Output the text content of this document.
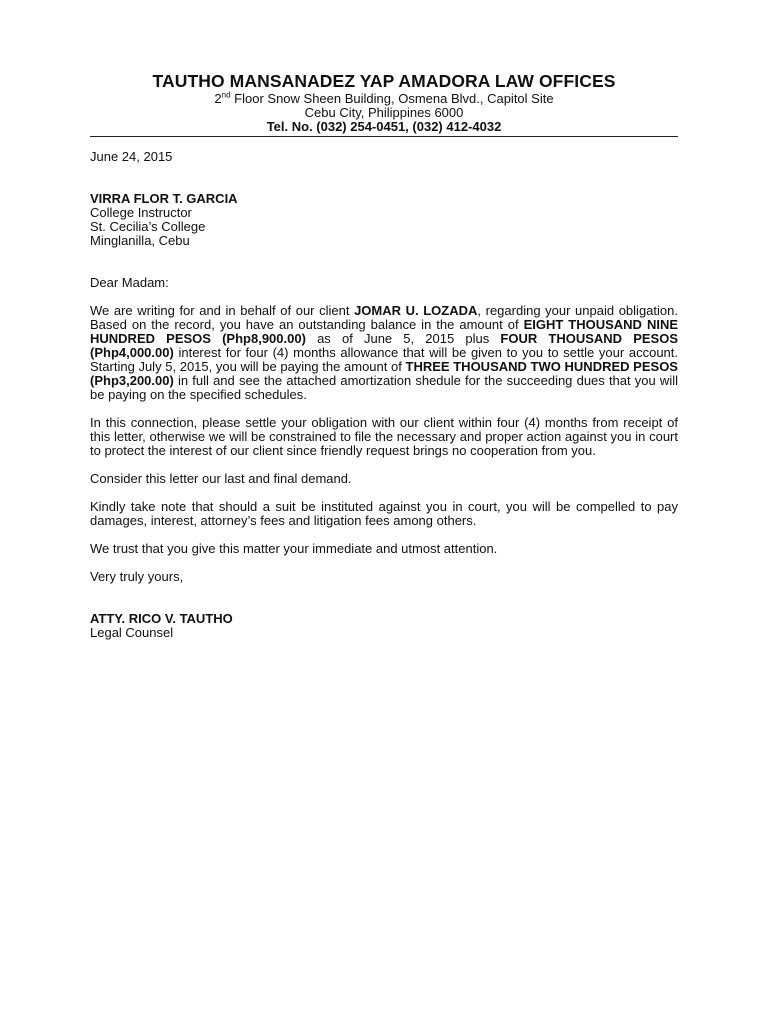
TAUTHO MANSANADEZ YAP AMADORA LAW OFFICES
2nd Floor Snow Sheen Building, Osmena Blvd., Capitol Site
Cebu City, Philippines 6000
Tel. No. (032) 254-0451, (032) 412-4032

June 24, 2015

VIRRA FLOR T. GARCIA

College Instructor

St. Cecilia’s College

Minglanilla, Cebu

Dear Madam:

We are writing for and in behalf of our client JOMAR U. LOZADA, regarding your unpaid obligation. Based on the record, you have an outstanding balance in the amount of EIGHT THOUSAND NINE HUNDRED PESOS (Php8,900.00) as of June 5, 2015 plus FOUR THOUSAND PESOS (Php4,000.00) interest for four (4) months allowance that will be given to you to settle your account. Starting July 5, 2015, you will be paying the amount of THREE THOUSAND TWO HUNDRED PESOS (Php3,200.00) in full and see the attached amortization shedule for the succeeding dues that you will be paying on the specified schedules.

In this connection, please settle your obligation with our client within four (4) months from receipt of this letter, otherwise we will be constrained to file the necessary and proper action against you in court to protect the interest of our client since friendly request brings no cooperation from you.

Consider this letter our last and final demand.

Kindly take note that should a suit be instituted against you in court, you will be compelled to pay damages, interest, attorney’s fees and litigation fees among others.

We trust that you give this matter your immediate and utmost attention.

Very truly yours,

ATTY. RICO V. TAUTHO

Legal Counsel
